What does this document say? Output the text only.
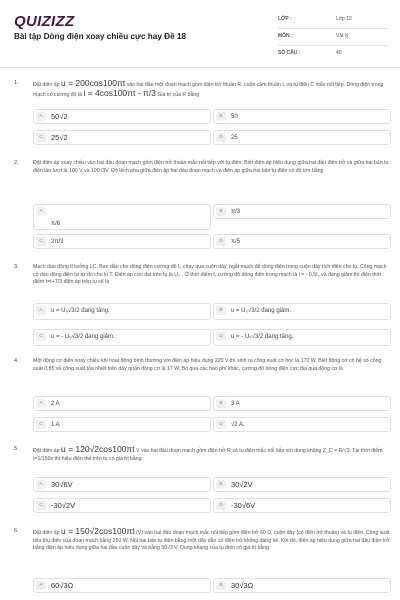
QUIZIZZ
Bài tập Dòng điện xoay chiều cực hay Đề 18
LỚP :	Lớp 12
MÔN :	Vật lý
SỐ CÂU :	40
1.	Đặt điện áp u = 200cos100πt vào hai đầu một đoạn mạch gồm điện trở thuần R, cuộn cảm thuần L và tụ điện C mắc nối tiếp. Dòng điện trong mạch có cường độ là i = 4cos100πt - π/3 Giá trị của R bằng
A	50√2	B	50
C	25√2	D	25
2.	Đặt điện áp xoay chiều vào hai đầu đoạn mạch gồm điện trở thuần mắc nối tiếp với tụ điện. Biết điện áp hiệu dụng giữa hai đầu điện trở và giữa hai bản tụ điện lần lượt là 100 V và 100√3V. Độ lệch pha giữa điện áp hai đầu đoạn mạch và điện áp giữa hai bản tụ điện có độ lớn bằng
A
π/6
B	π/3
C	2π/3	D	π/5
3.	Mạch dao động lí tưởng LC. Ban đầu cho dòng điện cường độ I₀ chạy qua cuộn dây, ngắt mạch để dòng điện trong cuộn dây tích điện cho tụ. Công mạch có dao động điện từ tự do chu kì T. Điện áp cực đại trên tụ là U₀ . Ở thời điểm t, cường độ dòng điện trong mạch là i = - 0,5I₀ và đang giảm thì điện thời điểm t=t+T/3 điện áp trên tụ sẽ là
A	u = U₀√3/2 đang tăng.	B	u = U₀√3/2 đang giảm.
C	u = - U₀√3/2 đang giảm.	D	u = - U₀√3/2 đang tăng.
4.	Một động cơ điện xoay chiều khi hoạt động bình thường với điện áp hiệu dụng 220 V thì sinh ra công suất cơ học là 170 W. Biết động cơ có hệ số công suất 0,85 và công suất tỏa nhiệt trên dây quấn động cơ là 17 W. Bỏ qua các hao phí khác, cường độ dòng điện cực đại qua động cơ là
A	2 A	B	3 A
C	1 A	D	√2 A.
5.	Đặt điện áp u = 120√2cos100πt V vào hai đầu đoạn mạch gồm điện trở R và tụ điện mắc nối tiếp với dung kháng Z_C = R/√3. Tại thời điểm t=1/150s thì hiệu điện thế trên tụ có giá trị bằng
A	30√6V	B	30√2V
C	-30√2V	D	-30√6V
6.	Đặt điện áp u = 150√2cos100πt (V) vào hai đầu đoạn mạch mắc nối tiếp gồm điện trở 60 Ω, cuộn dây (có điện trở thuần) và tụ điện. Công suất tiêu thụ điện của đoạn mạch bằng 250 W. Nối hai bản tụ điện bằng một dây dẫn có điện trở không đáng kể. Khi đó, điện áp hiệu dụng giữa hai đầu điện trở bằng điện áp hiệu dụng giữa hai đầu cuộn dây và bằng 50√3 V. Dung kháng của tụ điện có giá trị bằng
A	60√3Ω	B	30√3Ω
